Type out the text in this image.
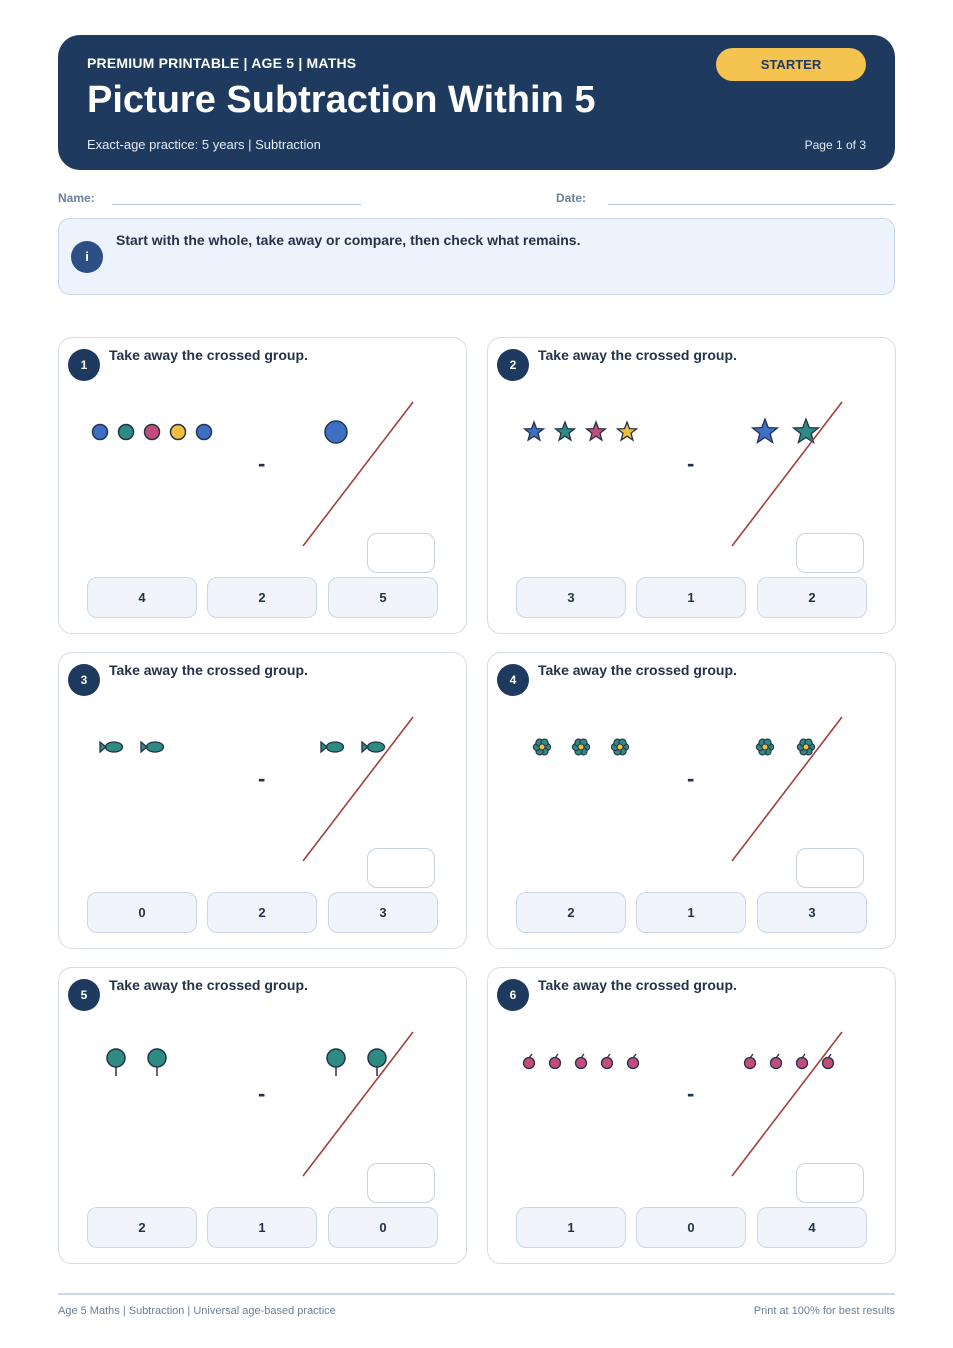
PREMIUM PRINTABLE | AGE 5 | MATHS
Picture Subtraction Within 5
Exact-age practice: 5 years | Subtraction	Page 1 of 3
STARTER
Name:	Date:
i
Start with the whole, take away or compare, then check what remains.
1
Take away the crossed group.
-
4	2	5
2
Take away the crossed group.
-
3	1	2
3
Take away the crossed group.
-
0	2	3
4
Take away the crossed group.
-
2	1	3
5
Take away the crossed group.
-
2	1	0
6
Take away the crossed group.
-
1	0	4
Age 5 Maths | Subtraction | Universal age-based practice	Print at 100% for best results
